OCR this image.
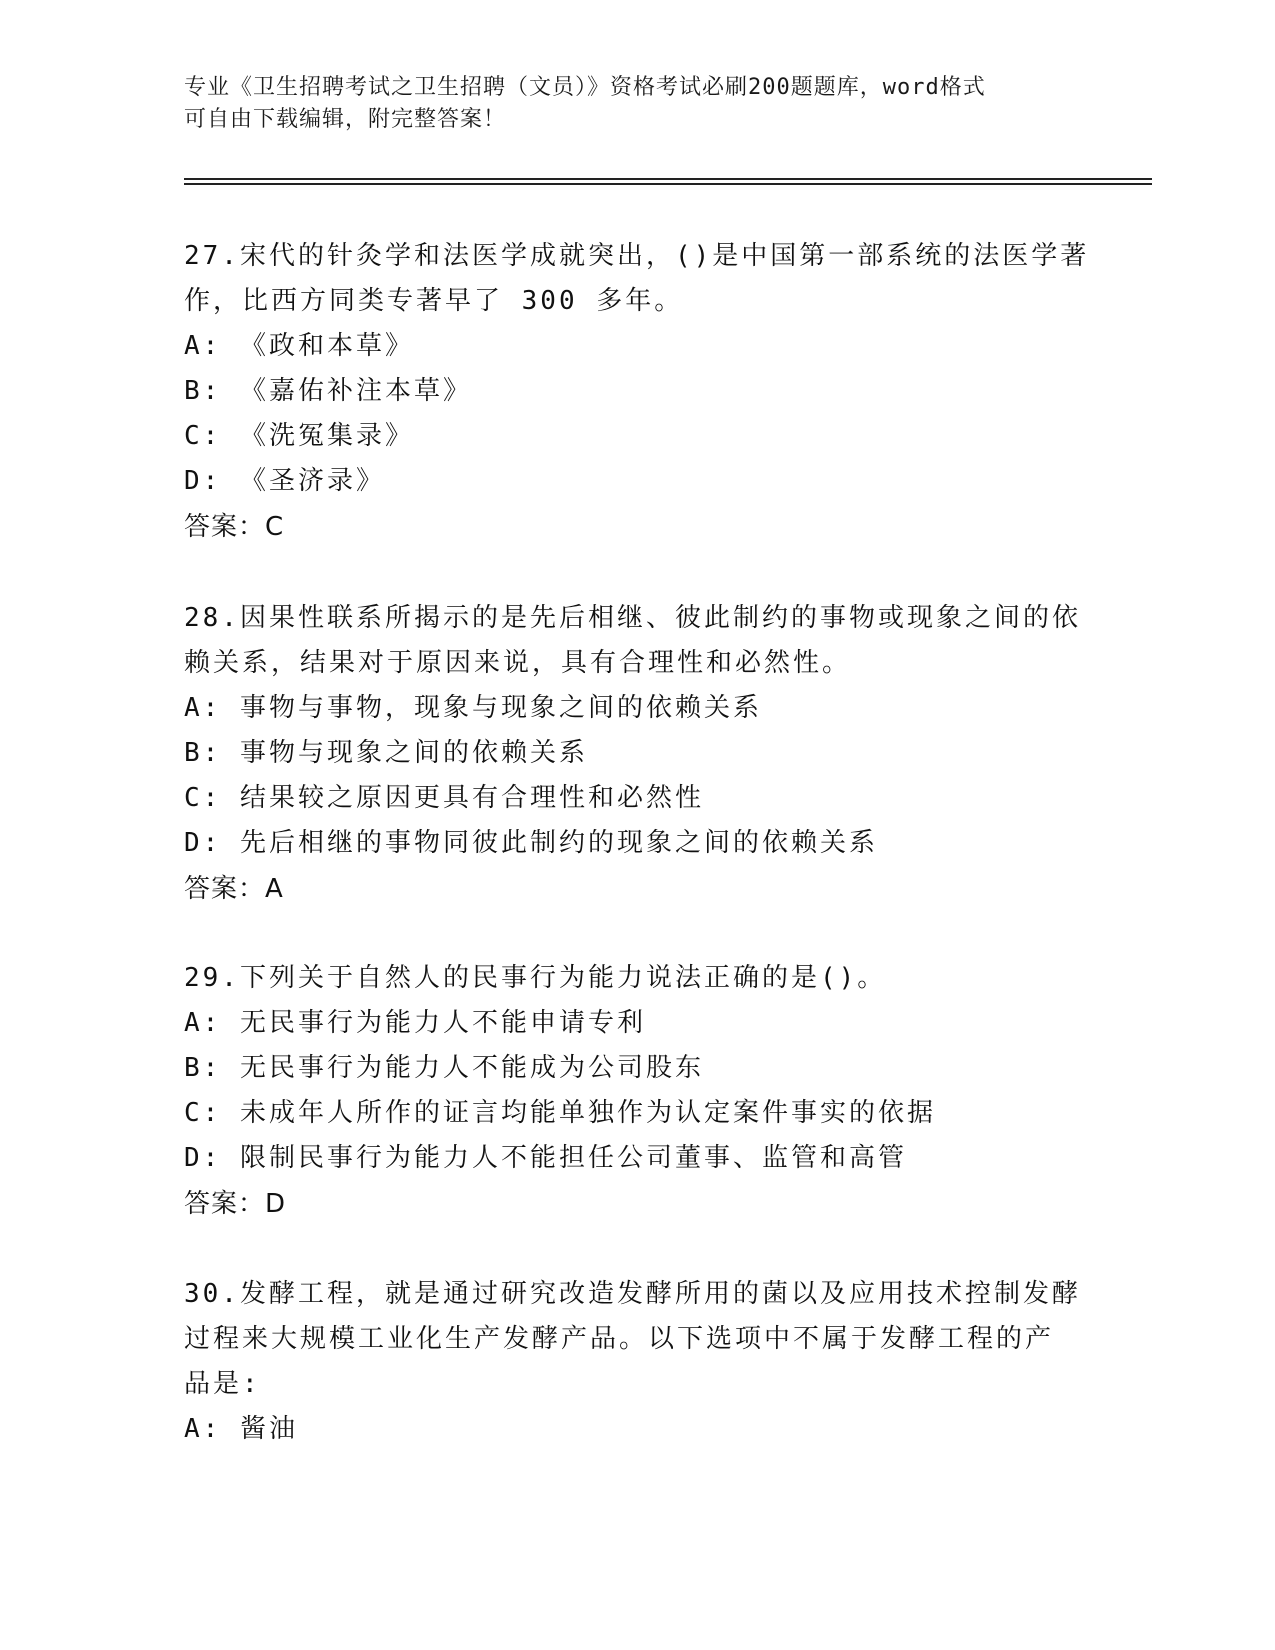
专业《卫生招聘考试之卫生招聘（文员）》资格考试必刷200题题库，word格式
可自由下载编辑，附完整答案！
27.宋代的针灸学和法医学成就突出，()是中国第一部系统的法医学著
作，比西方同类专著早了 300 多年。
A: 《政和本草》
B: 《嘉佑补注本草》
C: 《洗冤集录》
D: 《圣济录》
答案：C
28.因果性联系所揭示的是先后相继、彼此制约的事物或现象之间的依
赖关系，结果对于原因来说，具有合理性和必然性。
A: 事物与事物，现象与现象之间的依赖关系
B: 事物与现象之间的依赖关系
C: 结果较之原因更具有合理性和必然性
D: 先后相继的事物同彼此制约的现象之间的依赖关系
答案：A
29.下列关于自然人的民事行为能力说法正确的是()。
A: 无民事行为能力人不能申请专利
B: 无民事行为能力人不能成为公司股东
C: 未成年人所作的证言均能单独作为认定案件事实的依据
D: 限制民事行为能力人不能担任公司董事、监管和高管
答案：D
30.发酵工程，就是通过研究改造发酵所用的菌以及应用技术控制发酵
过程来大规模工业化生产发酵产品。以下选项中不属于发酵工程的产
品是:
A: 酱油
